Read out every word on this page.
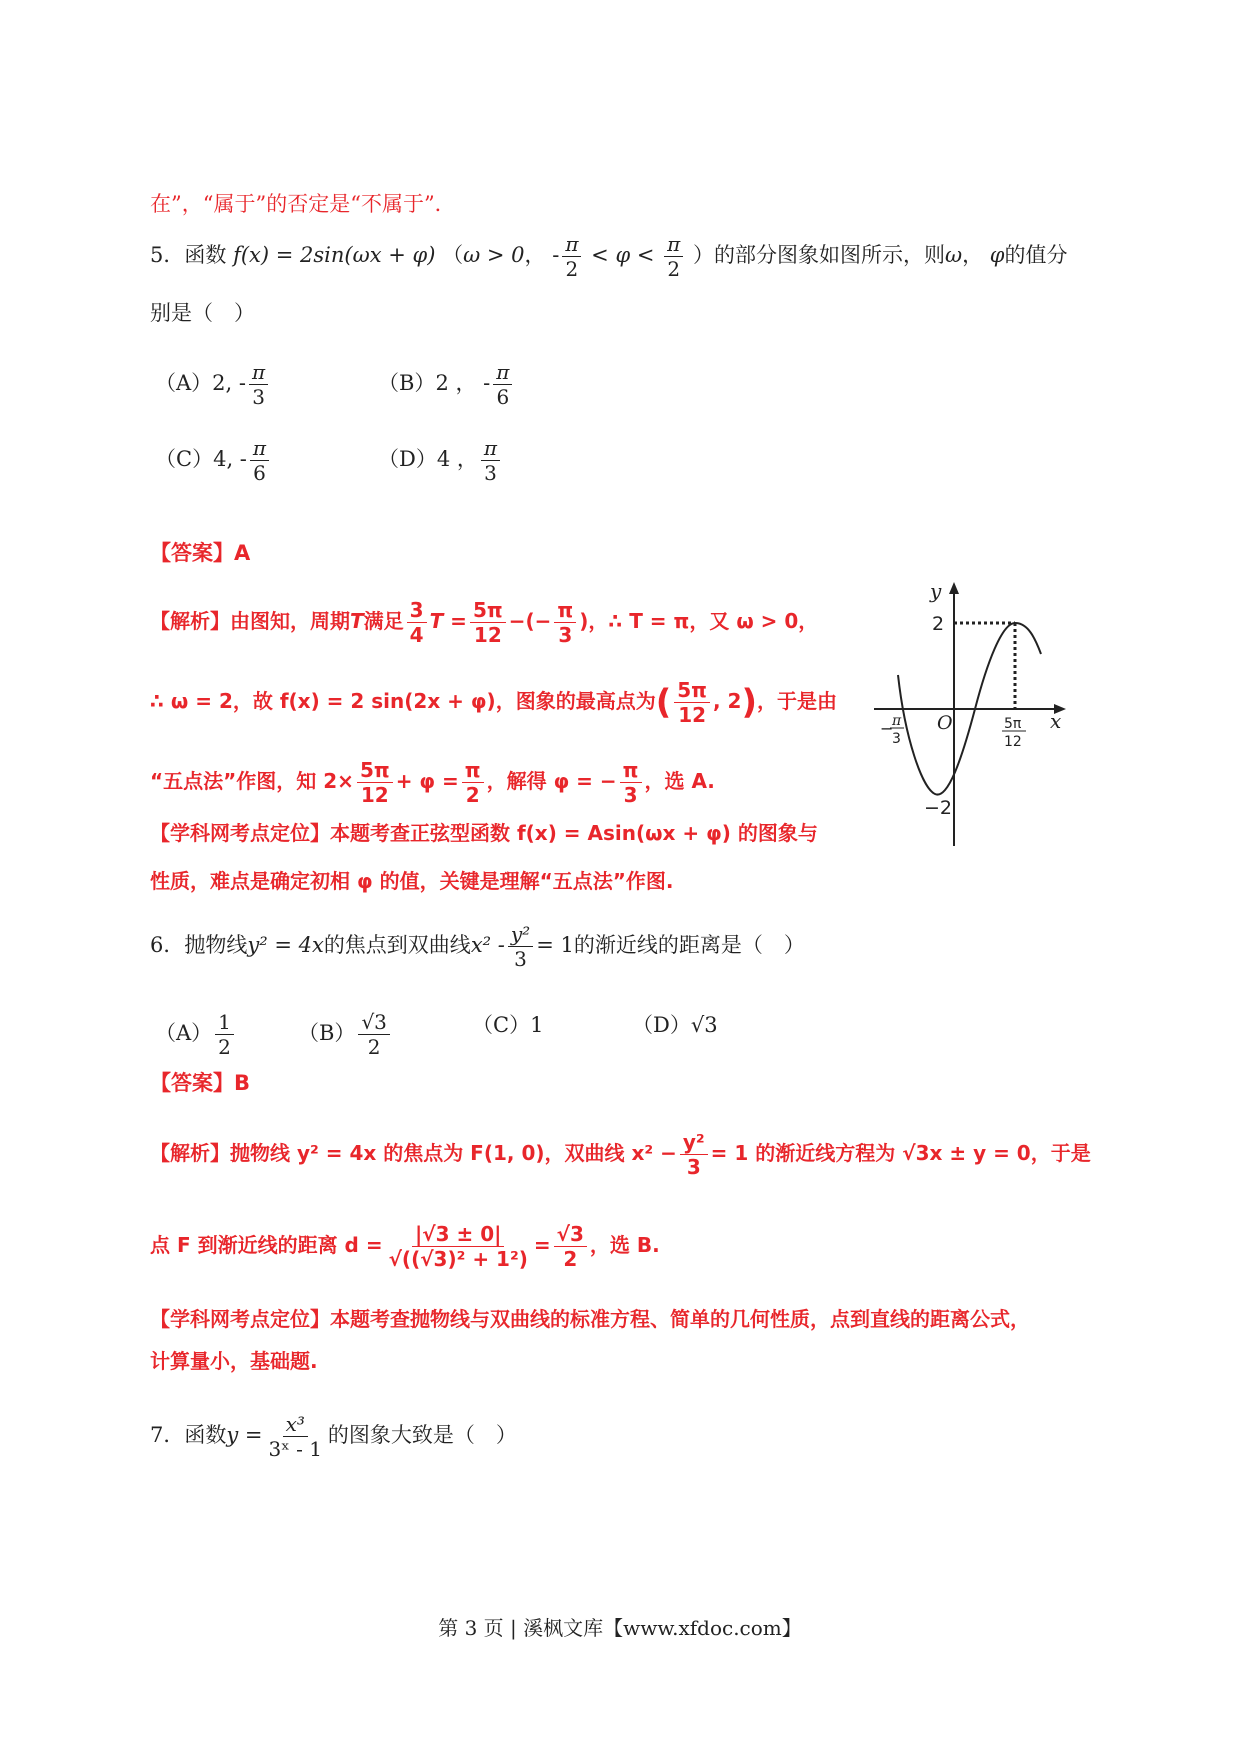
在”，“属于”的否定是“不属于”．
5．函数 f(x) = 2sin(ωx + φ) （ω > 0， - $\frac{\pi}{2} < \varphi < \frac{\pi}{2}$ ）的部分图象如图所示，则ω， φ的值分
别是（　）
（A）2, - $\frac{\pi}{3}$	（B）2 ， - $\frac{\pi}{6}$
（C）4, - $\frac{\pi}{6}$	（D）4 ， $\frac{\pi}{3}$
【答案】A
【解析】由图知，周期T满足 $\frac{3}{4}$ $T = \frac{5\pi}{12}$ −(− $\frac{\pi}{3}$ )，∴ T = π，又 ω > 0，
∴ ω = 2，故 f(x) = 2 sin(2x + φ)，图象的最高点为( $\frac{5\pi}{12}$ , 2)，于是由
“五点法”作图，知 $2\times \frac{5\pi}{12} + \varphi = \frac{\pi}{2}$ ，解得 φ = − $\frac{\pi}{3}$ ，选 A.
【学科网考点定位】本题考查正弦型函数 f(x) = Asin(ωx + φ) 的图象与
性质，难点是确定初相 φ 的值，关键是理解“五点法”作图.
y
x
O
2
−2
−
π
3
5π
12
6．抛物线y² = 4x的焦点到双曲线$x^2 - \frac{\text{y²}}{3} = 1$的渐近线的距离是（　）
$(A) \frac{1}{2}$	$(B) \frac{√3}{2}$	（C）1	（D）√3
【答案】B
【解析】抛物线 y² = 4x 的焦点为 F(1, 0)，双曲线 $x^2 - \frac{\text{y²}}{3} = 1$ 的渐近线方程为 √3x ± y = 0，于是
点 F 到渐近线的距离 $d = \frac{|√3 \pm 0|}{\text{√((√3)² + 1²)}} = \frac{√3}{2}$ ，选 B.
【学科网考点定位】本题考查抛物线与双曲线的标准方程、简单的几何性质，点到直线的距离公式，
计算量小，基础题.
7．函数$y = \frac{\text{x³}}{\text{3ˣ - 1}}$ 的图象大致是（　）
第 3 页 | 溪枫文库【www.xfdoc.com】
